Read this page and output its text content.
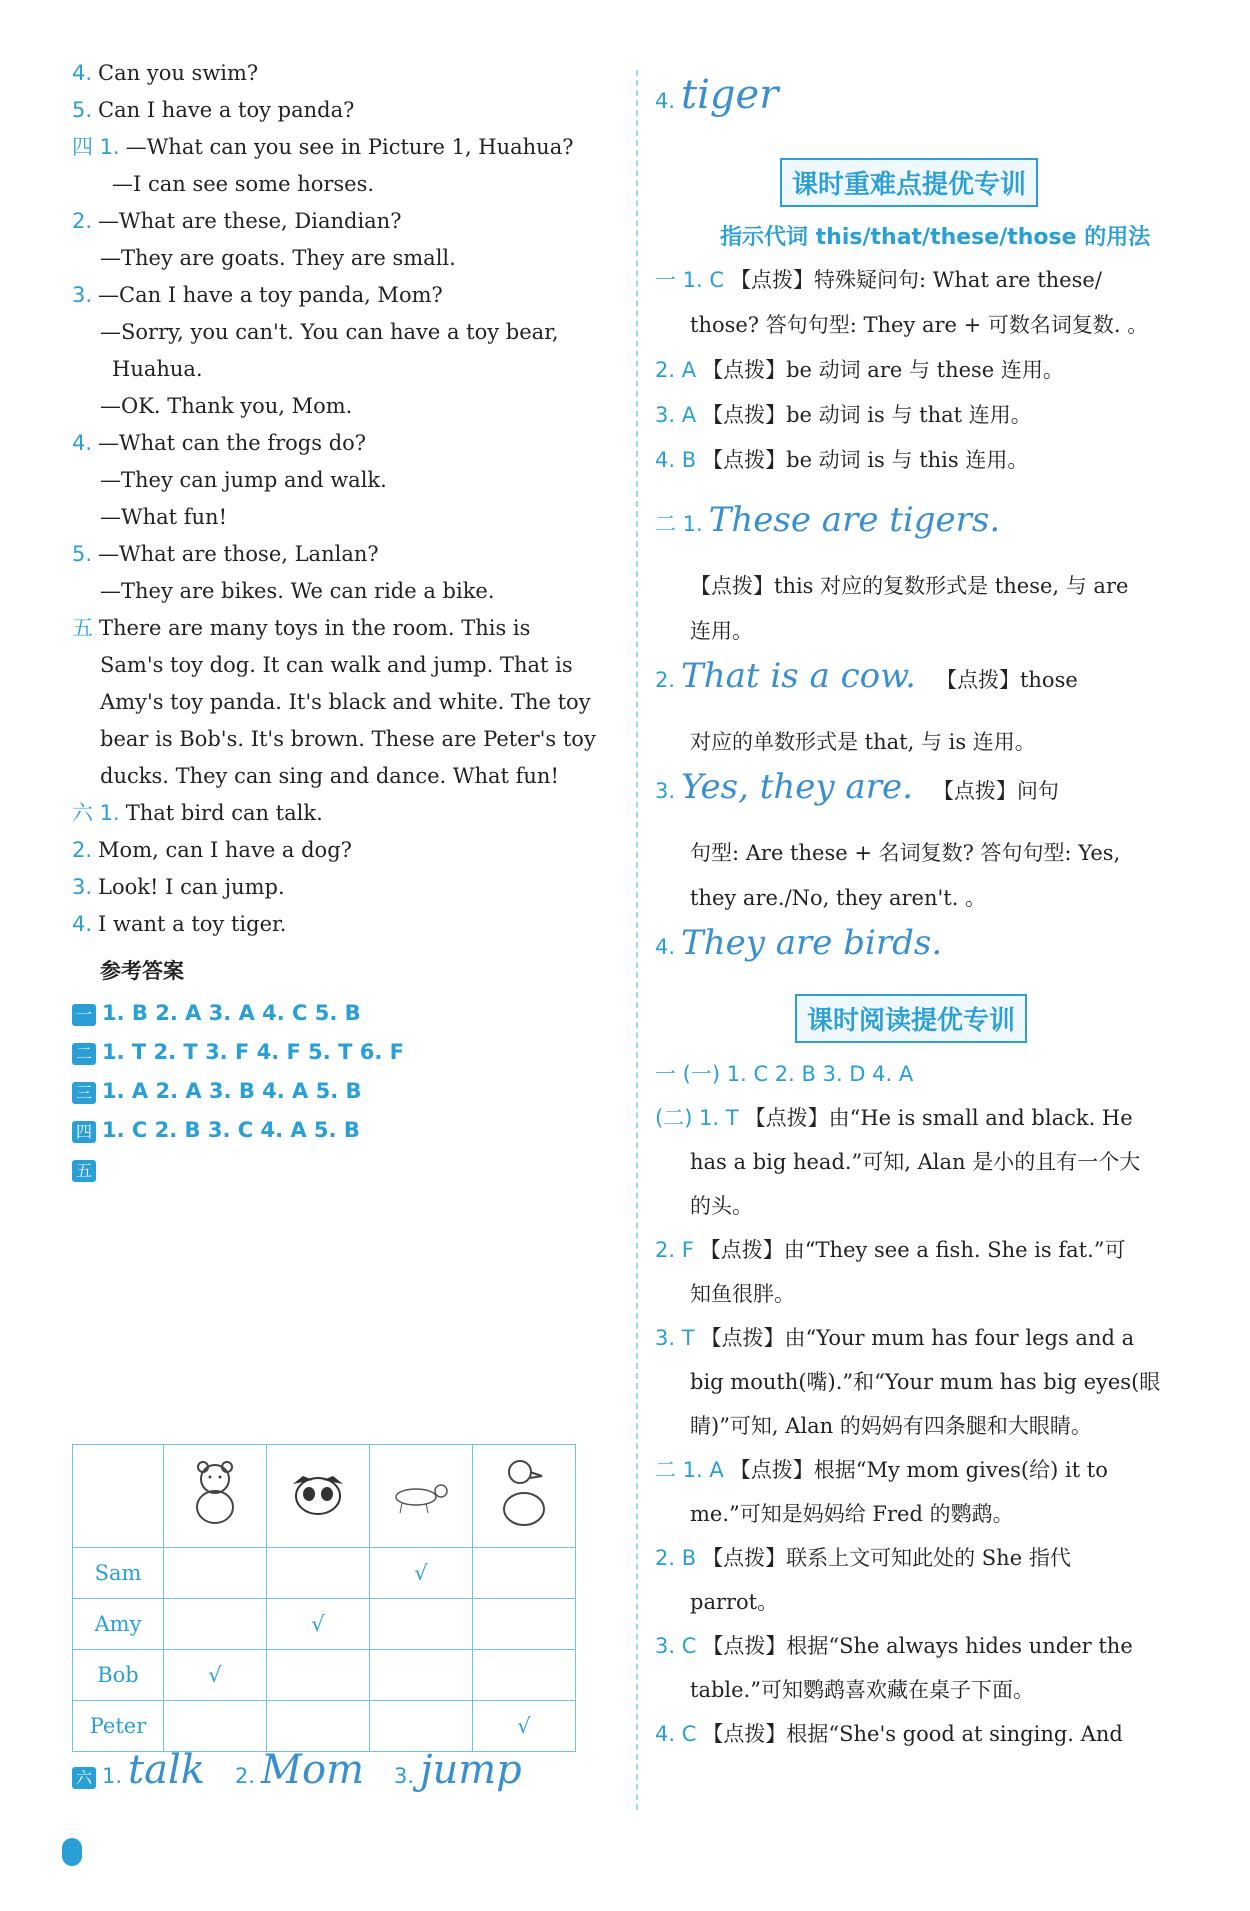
4. Can you swim?
5. Can I have a toy panda?
四 1. —What can you see in Picture 1, Huahua?
—I can see some horses.
2. —What are these, Diandian?
—They are goats. They are small.
3. —Can I have a toy panda, Mom?
—Sorry, you can't. You can have a toy bear,
Huahua.
—OK. Thank you, Mom.
4. —What can the frogs do?
—They can jump and walk.
—What fun!
5. —What are those, Lanlan?
—They are bikes. We can ride a bike.
五 There are many toys in the room. This is
Sam's toy dog. It can walk and jump. That is
Amy's toy panda. It's black and white. The toy
bear is Bob's. It's brown. These are Peter's toy
ducks. They can sing and dance. What fun!
六 1. That bird can talk.
2. Mom, can I have a dog?
3. Look! I can jump.
4. I want a toy tiger.
参考答案
一 1. B 2. A 3. A 4. C 5. B
二 1. T 2. T 3. F 4. F 5. T 6. F
三 1. A 2. A 3. B 4. A 5. B
四 1. C 2. B 3. C 4. A 5. B
五
六 1. talk 2. Mom 3. jump
4. tiger
课时重难点提优专训
指示代词 this/that/these/those 的用法
一 1. C 【点拨】特殊疑问句: What are these/
those? 答句句型: They are + 可数名词复数. 。
2. A 【点拨】be 动词 are 与 these 连用。
3. A 【点拨】be 动词 is 与 that 连用。
4. B 【点拨】be 动词 is 与 this 连用。
二 1. These are tigers.
【点拨】this 对应的复数形式是 these, 与 are
连用。
2. That is a cow. 【点拨】those
对应的单数形式是 that, 与 is 连用。
3. Yes, they are. 【点拨】问句
句型: Are these + 名词复数? 答句句型: Yes,
they are./No, they aren't. 。
4. They are birds.
课时阅读提优专训
一 (一) 1. C 2. B 3. D 4. A
(二) 1. T 【点拨】由“He is small and black. He
has a big head.”可知, Alan 是小的且有一个大
的头。
2. F 【点拨】由“They see a fish. She is fat.”可
知鱼很胖。
3. T 【点拨】由“Your mum has four legs and a
big mouth(嘴).”和“Your mum has big eyes(眼
睛)”可知, Alan 的妈妈有四条腿和大眼睛。
二 1. A 【点拨】根据“My mom gives(给) it to
me.”可知是妈妈给 Fred 的鹦鹉。
2. B 【点拨】联系上文可知此处的 She 指代
parrot。
3. C 【点拨】根据“She always hides under the
table.”可知鹦鹉喜欢藏在桌子下面。
4. C 【点拨】根据“She's good at singing. And

Sam			√	
Amy		√		
Bob	√			
Peter				√
